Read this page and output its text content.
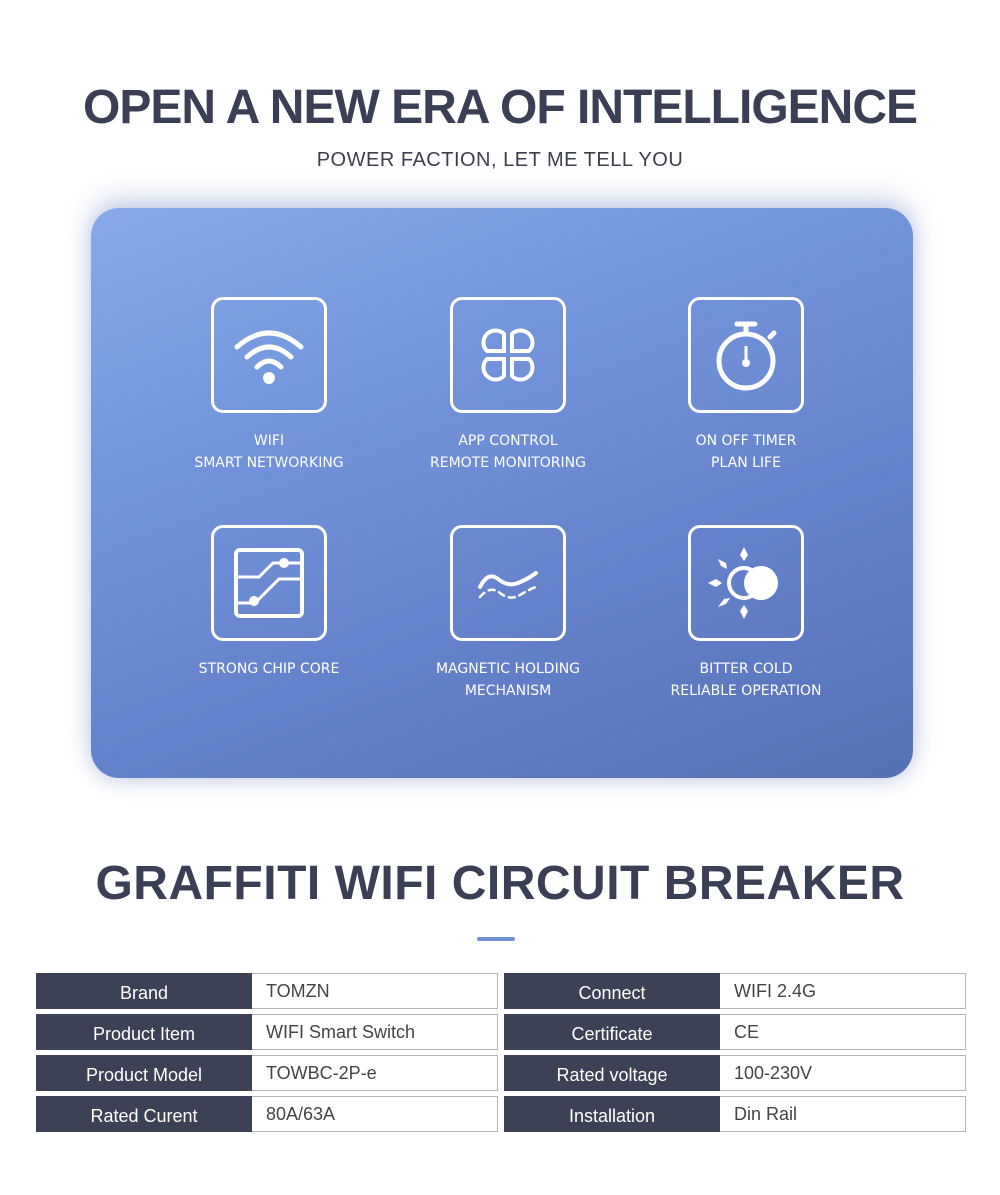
OPEN A NEW ERA OF INTELLIGENCE
POWER FACTION, LET ME TELL YOU
WIFI
SMART NETWORKING
APP CONTROL
REMOTE MONITORING
ON OFF TIMER
PLAN LIFE
STRONG CHIP CORE	MAGNETIC HOLDING
MECHANISM
BITTER COLD
RELIABLE OPERATION
GRAFFITI WIFI CIRCUIT BREAKER
Brand	TOMZN
Product Item	WIFI Smart Switch
Product Model	TOWBC-2P-e
Rated Curent	80A/63A
Connect	WIFI 2.4G
Certificate	CE
Rated voltage	100-230V
Installation	Din Rail
